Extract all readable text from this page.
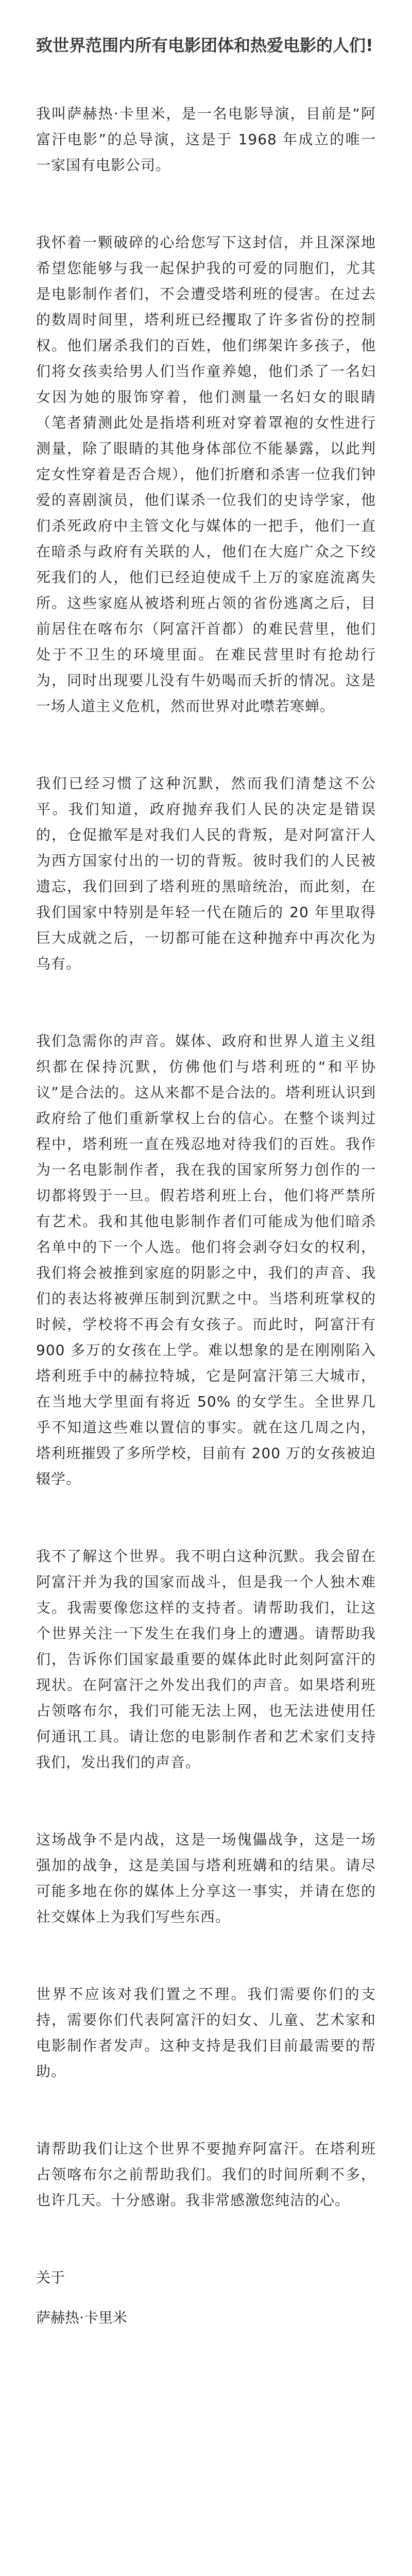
致世界范围内所有电影团体和热爱电影的人们!
我叫萨赫热·卡里米，是一名电影导演，目前是“阿富汗电影”的总导演，这是于 1968 年成立的唯一一家国有电影公司。
我怀着一颗破碎的心给您写下这封信，并且深深地希望您能够与我一起保护我的可爱的同胞们，尤其是电影制作者们，不会遭受塔利班的侵害。在过去的数周时间里，塔利班已经攫取了许多省份的控制权。他们屠杀我们的百姓，他们绑架许多孩子，他们将女孩卖给男人们当作童养媳，他们杀了一名妇女因为她的服饰穿着，他们测量一名妇女的眼睛（笔者猜测此处是指塔利班对穿着罩袍的女性进行测量，除了眼睛的其他身体部位不能暴露，以此判定女性穿着是否合规），他们折磨和杀害一位我们钟爱的喜剧演员，他们谋杀一位我们的史诗学家，他们杀死政府中主管文化与媒体的一把手，他们一直在暗杀与政府有关联的人，他们在大庭广众之下绞死我们的人，他们已经迫使成千上万的家庭流离失所。这些家庭从被塔利班占领的省份逃离之后，目前居住在喀布尔（阿富汗首都）的难民营里，他们处于不卫生的环境里面。在难民营里时有抢劫行为，同时出现要儿没有牛奶喝而夭折的情况。这是一场人道主义危机，然而世界对此噤若寒蝉。
我们已经习惯了这种沉默，然而我们清楚这不公平。我们知道，政府抛弃我们人民的决定是错误的，仓促撤军是对我们人民的背叛，是对阿富汗人为西方国家付出的一切的背叛。彼时我们的人民被遗忘，我们回到了塔利班的黑暗统治，而此刻，在我们国家中特别是年轻一代在随后的 20 年里取得巨大成就之后，一切都可能在这种抛弃中再次化为乌有。
我们急需你的声音。媒体、政府和世界人道主义组织都在保持沉默，仿佛他们与塔利班的“和平协议”是合法的。这从来都不是合法的。塔利班认识到政府给了他们重新掌权上台的信心。在整个谈判过程中，塔利班一直在残忍地对待我们的百姓。我作为一名电影制作者，我在我的国家所努力创作的一切都将毁于一旦。假若塔利班上台，他们将严禁所有艺术。我和其他电影制作者们可能成为他们暗杀名单中的下一个人选。他们将会剥夺妇女的权利，我们将会被推到家庭的阴影之中，我们的声音、我们的表达将被弹压制到沉默之中。当塔利班掌权的时候，学校将不再会有女孩子。而此时，阿富汗有 900 多万的女孩在上学。难以想象的是在刚刚陷入塔利班手中的赫拉特城，它是阿富汗第三大城市，在当地大学里面有将近 50% 的女学生。全世界几乎不知道这些难以置信的事实。就在这几周之内，塔利班摧毁了多所学校，目前有 200 万的女孩被迫辍学。
我不了解这个世界。我不明白这种沉默。我会留在阿富汗并为我的国家而战斗，但是我一个人独木难支。我需要像您这样的支持者。请帮助我们，让这个世界关注一下发生在我们身上的遭遇。请帮助我们，告诉你们国家最重要的媒体此时此刻阿富汗的现状。在阿富汗之外发出我们的声音。如果塔利班占领喀布尔，我们可能无法上网，也无法进使用任何通讯工具。请让您的电影制作者和艺术家们支持我们，发出我们的声音。
这场战争不是内战，这是一场傀儡战争，这是一场强加的战争，这是美国与塔利班媾和的结果。请尽可能多地在你的媒体上分享这一事实，并请在您的社交媒体上为我们写些东西。
世界不应该对我们置之不理。我们需要你们的支持，需要你们代表阿富汗的妇女、儿童、艺术家和电影制作者发声。这种支持是我们目前最需要的帮助。
请帮助我们让这个世界不要抛弃阿富汗。在塔利班占领喀布尔之前帮助我们。我们的时间所剩不多，也许几天。十分感谢。我非常感激您纯洁的心。
关于
萨赫热·卡里米
